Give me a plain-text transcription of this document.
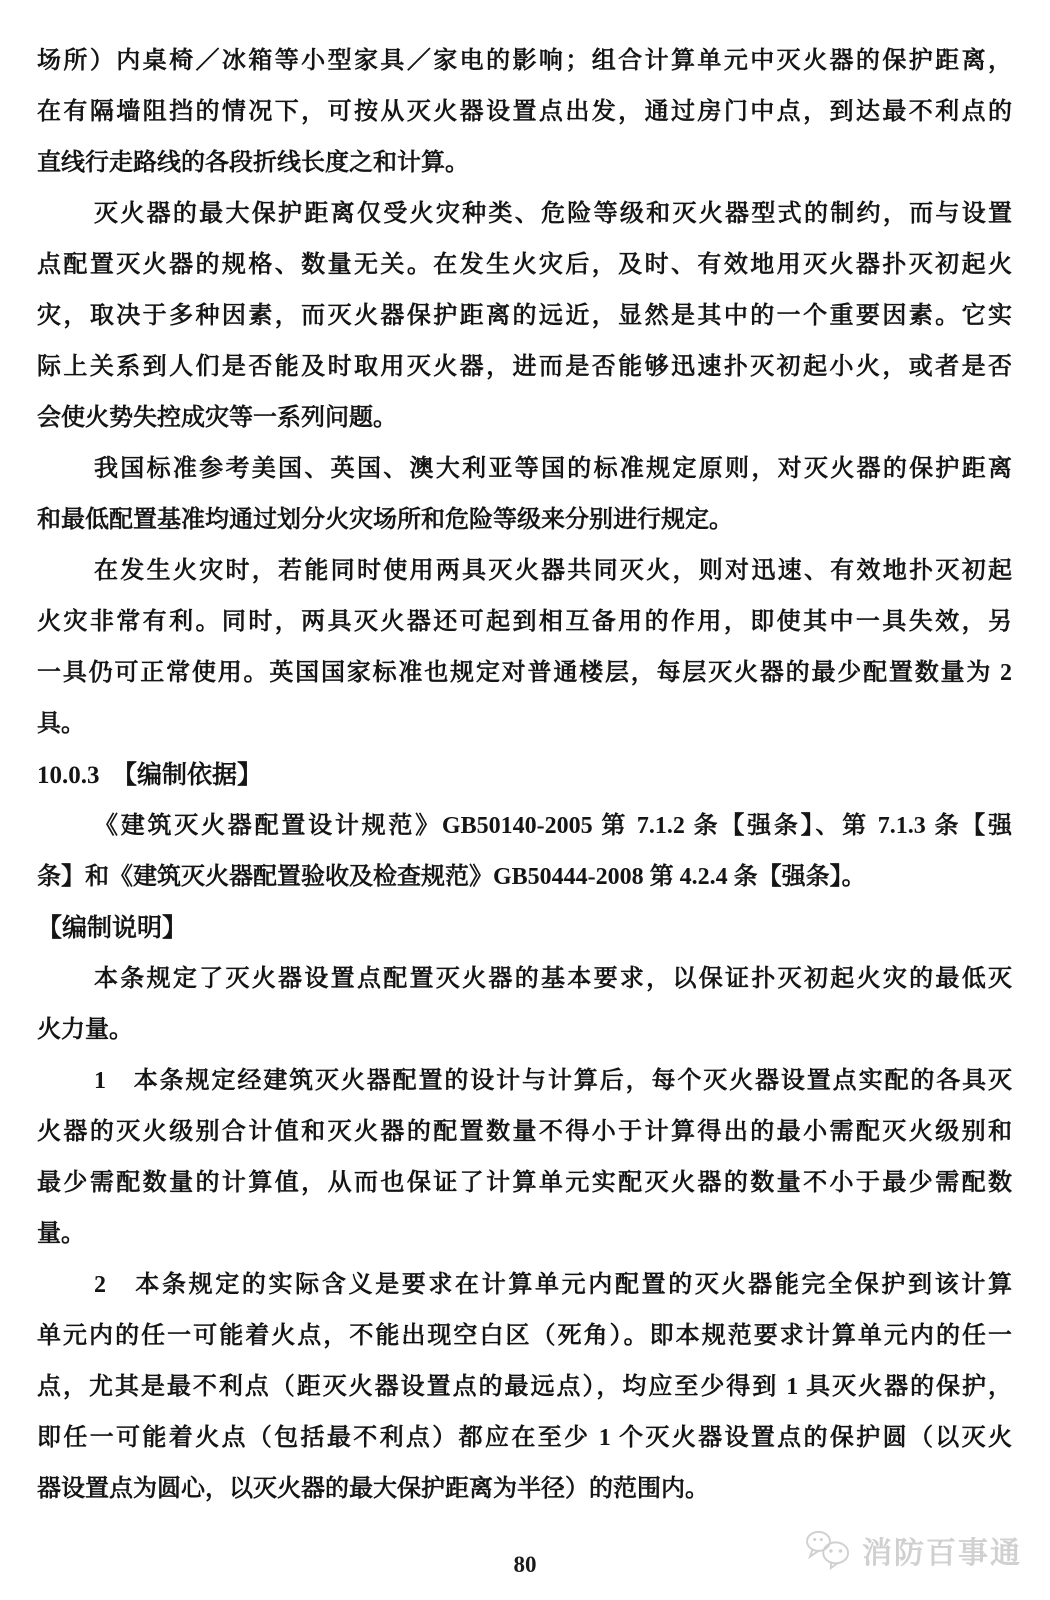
场所）内桌椅／冰箱等小型家具／家电的影响；组合计算单元中灭火器的保护距离，

在有隔墙阻挡的情况下，可按从灭火器设置点出发，通过房门中点，到达最不利点的

直线行走路线的各段折线长度之和计算。

灭火器的最大保护距离仅受火灾种类、危险等级和灭火器型式的制约，而与设置

点配置灭火器的规格、数量无关。在发生火灾后，及时、有效地用灭火器扑灭初起火

灾，取决于多种因素，而灭火器保护距离的远近，显然是其中的一个重要因素。它实

际上关系到人们是否能及时取用灭火器，进而是否能够迅速扑灭初起小火，或者是否

会使火势失控成灾等一系列问题。

我国标准参考美国、英国、澳大利亚等国的标准规定原则，对灭火器的保护距离

和最低配置基准均通过划分火灾场所和危险等级来分别进行规定。

在发生火灾时，若能同时使用两具灭火器共同灭火，则对迅速、有效地扑灭初起

火灾非常有利。同时，两具灭火器还可起到相互备用的作用，即使其中一具失效，另

一具仍可正常使用。英国国家标准也规定对普通楼层，每层灭火器的最少配置数量为 2

具。

10.0.3　【编制依据】

《建筑灭火器配置设计规范》GB50140-2005 第 7.1.2 条【强条】、第 7.1.3 条【强

条】和《建筑灭火器配置验收及检查规范》GB50444-2008 第 4.2.4 条【强条】。

【编制说明】

本条规定了灭火器设置点配置灭火器的基本要求，以保证扑灭初起火灾的最低灭

火力量。

1　本条规定经建筑灭火器配置的设计与计算后，每个灭火器设置点实配的各具灭

火器的灭火级别合计值和灭火器的配置数量不得小于计算得出的最小需配灭火级别和

最少需配数量的计算值，从而也保证了计算单元实配灭火器的数量不小于最少需配数

量。

2　本条规定的实际含义是要求在计算单元内配置的灭火器能完全保护到该计算

单元内的任一可能着火点，不能出现空白区（死角）。即本规范要求计算单元内的任一

点，尤其是最不利点（距灭火器设置点的最远点），均应至少得到 1 具灭火器的保护，

即任一可能着火点（包括最不利点）都应在至少 1 个灭火器设置点的保护圆（以灭火

器设置点为圆心，以灭火器的最大保护距离为半径）的范围内。

消防百事通
80
